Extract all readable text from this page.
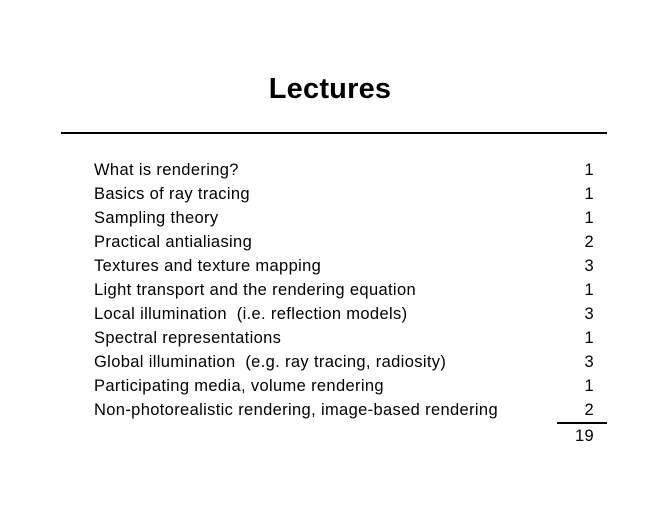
Lectures
What is rendering?	1
Basics of ray tracing	1
Sampling theory	1
Practical antialiasing	2
Textures and texture mapping	3
Light transport and the rendering equation	1
Local illumination  (i.e. reflection models)	3
Spectral representations	1
Global illumination  (e.g. ray tracing, radiosity)	3
Participating media, volume rendering	1
Non-photorealistic rendering, image-based rendering	2
19
